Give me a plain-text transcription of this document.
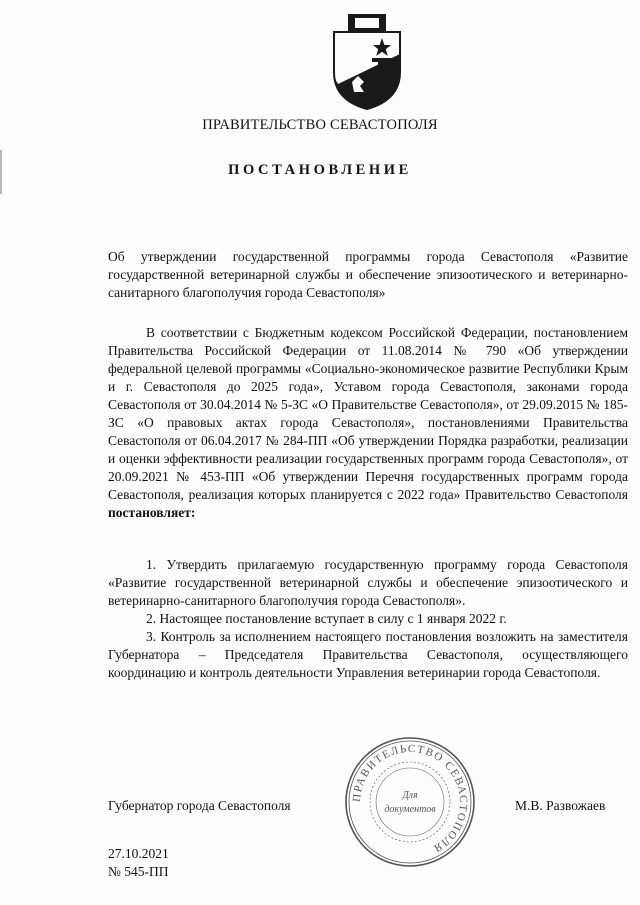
ПРАВИТЕЛЬСТВО СЕВАСТОПОЛЯ
ПОСТАНОВЛЕНИЕ
Об утверждении государственной программы города Севастополя «Развитие государственной ветеринарной службы и обеспечение эпизоотического и ветеринарно-санитарного благополучия города Севастополя»

В соответствии с Бюджетным кодексом Российской Федерации, постановлением Правительства Российской Федерации от 11.08.2014 № 790 «Об утверждении федеральной целевой программы «Социально-экономическое развитие Республики Крым и г. Севастополя до 2025 года», Уставом города Севастополя, законами города Севастополя от 30.04.2014 № 5-ЗС «О Правительстве Севастополя», от 29.09.2015 № 185-ЗС «О правовых актах города Севастополя», постановлениями Правительства Севастополя от 06.04.2017 № 284-ПП «Об утверждении Порядка разработки, реализации и оценки эффективности реализации государственных программ города Севастополя», от 20.09.2021 № 453-ПП «Об утверждении Перечня государственных программ города Севастополя, реализация которых планируется с 2022 года» Правительство Севастополя постановляет:

1. Утвердить прилагаемую государственную программу города Севастополя «Развитие государственной ветеринарной службы и обеспечение эпизоотического и ветеринарно-санитарного благополучия города Севастополя».

2. Настоящее постановление вступает в силу с 1 января 2022 г.

3. Контроль за исполнением настоящего постановления возложить на заместителя Губернатора – Председателя Правительства Севастополя, осуществляющего координацию и контроль деятельности Управления ветеринарии города Севастополя.

ПРАВИТЕЛЬСТВО СЕВАСТОПОЛЯ
Для
документов
Губернатор города Севастополя	М.В. Развожаев
27.10.2021
№ 545-ПП
